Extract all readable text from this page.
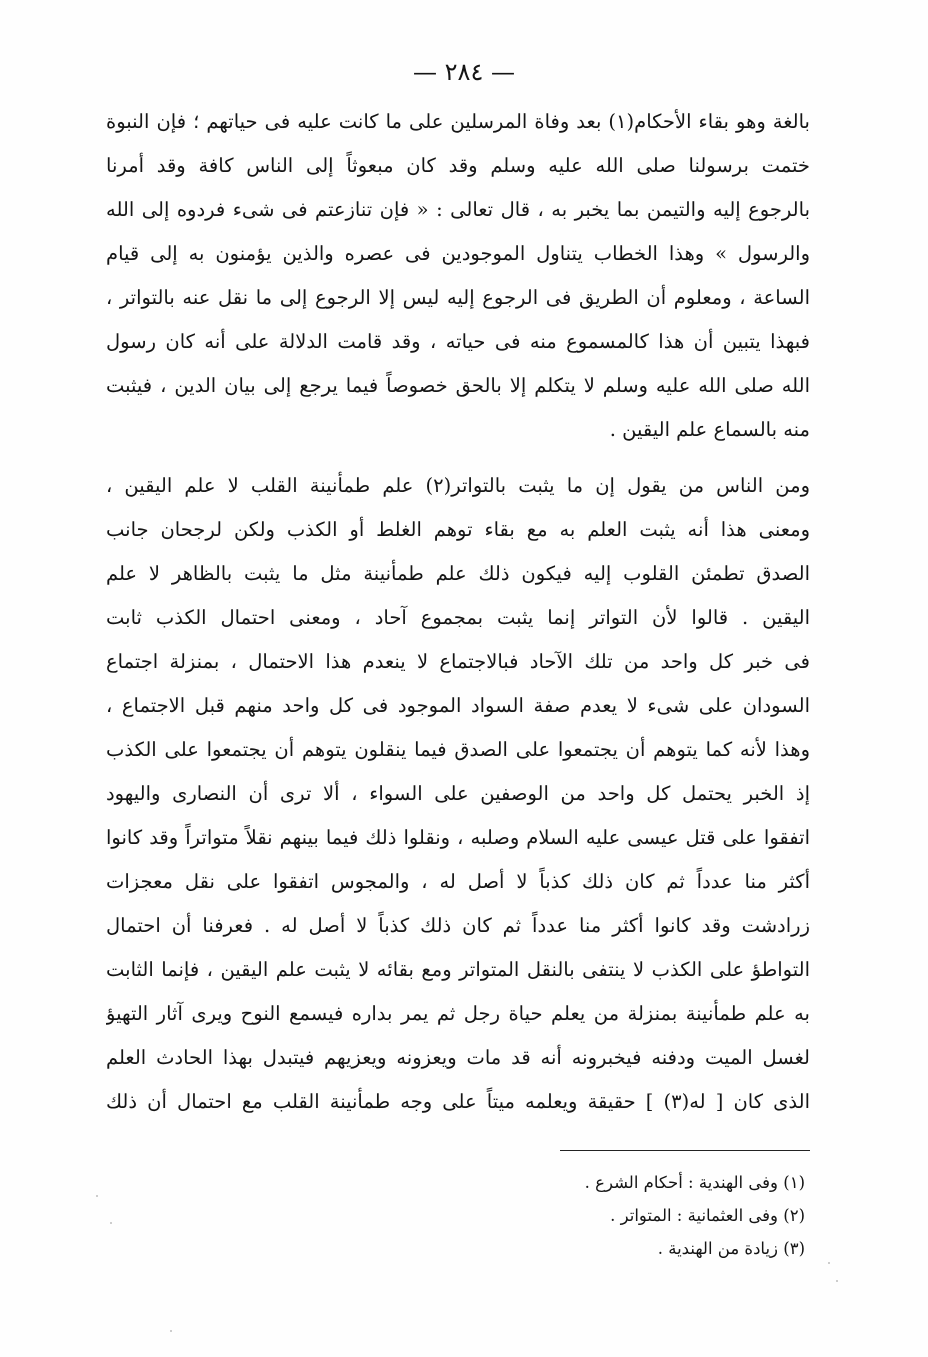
— ٢٨٤ —
بالغة وهو بقاء الأحكام(١) بعد وفاة المرسلين على ما كانت عليه فى حياتهم ؛ فإن النبوة
ختمت برسولنا صلى الله عليه وسلم وقد كان مبعوثاً إلى الناس كافة وقد أمرنا
بالرجوع إليه والتيمن بما يخبر به ، قال تعالى : « فإن تنازعتم فى شىء فردوه إلى الله
والرسول » وهذا الخطاب يتناول الموجودين فى عصره والذين يؤمنون به إلى قيام
الساعة ، ومعلوم أن الطريق فى الرجوع إليه ليس إلا الرجوع إلى ما نقل عنه بالتواتر ،
فبهذا يتبين أن هذا كالمسموع منه فى حياته ، وقد قامت الدلالة على أنه كان رسول
الله صلى الله عليه وسلم لا يتكلم إلا بالحق خصوصاً فيما يرجع إلى بيان الدين ، فيثبت
منه بالسماع علم اليقين .
ومن الناس من يقول إن ما يثبت بالتواتر(٢) علم طمأنينة القلب لا علم اليقين ،
ومعنى هذا أنه يثبت العلم به مع بقاء توهم الغلط أو الكذب ولكن لرجحان جانب
الصدق تطمئن القلوب إليه فيكون ذلك علم طمأنينة مثل ما يثبت بالظاهر لا علم
اليقين . قالوا لأن التواتر إنما يثبت بمجموع آحاد ، ومعنى احتمال الكذب ثابت
فى خبر كل واحد من تلك الآحاد فبالاجتماع لا ينعدم هذا الاحتمال ، بمنزلة اجتماع
السودان على شىء لا يعدم صفة السواد الموجود فى كل واحد منهم قبل الاجتماع ،
وهذا لأنه كما يتوهم أن يجتمعوا على الصدق فيما ينقلون يتوهم أن يجتمعوا على الكذب
إذ الخبر يحتمل كل واحد من الوصفين على السواء ، ألا ترى أن النصارى واليهود
اتفقوا على قتل عيسى عليه السلام وصلبه ، ونقلوا ذلك فيما بينهم نقلاً متواتراً وقد كانوا
أكثر منا عدداً ثم كان ذلك كذباً لا أصل له ، والمجوس اتفقوا على نقل معجزات
زرادشت وقد كانوا أكثر منا عدداً ثم كان ذلك كذباً لا أصل له . فعرفنا أن احتمال
التواطؤ على الكذب لا ينتفى بالنقل المتواتر ومع بقائه لا يثبت علم اليقين ، فإنما الثابت
به علم طمأنينة بمنزلة من يعلم حياة رجل ثم يمر بداره فيسمع النوح ويرى آثار التهيؤ
لغسل الميت ودفنه فيخبرونه أنه قد مات ويعزونه ويعزيهم فيتبدل بهذا الحادث العلم
الذى كان [ له(٣) ] حقيقة ويعلمه ميتاً على وجه طمأنينة القلب مع احتمال أن ذلك
(١) وفى الهندية : أحكام الشرع .
(٢) وفى العثمانية : المتواتر .
(٣) زيادة من الهندية .
